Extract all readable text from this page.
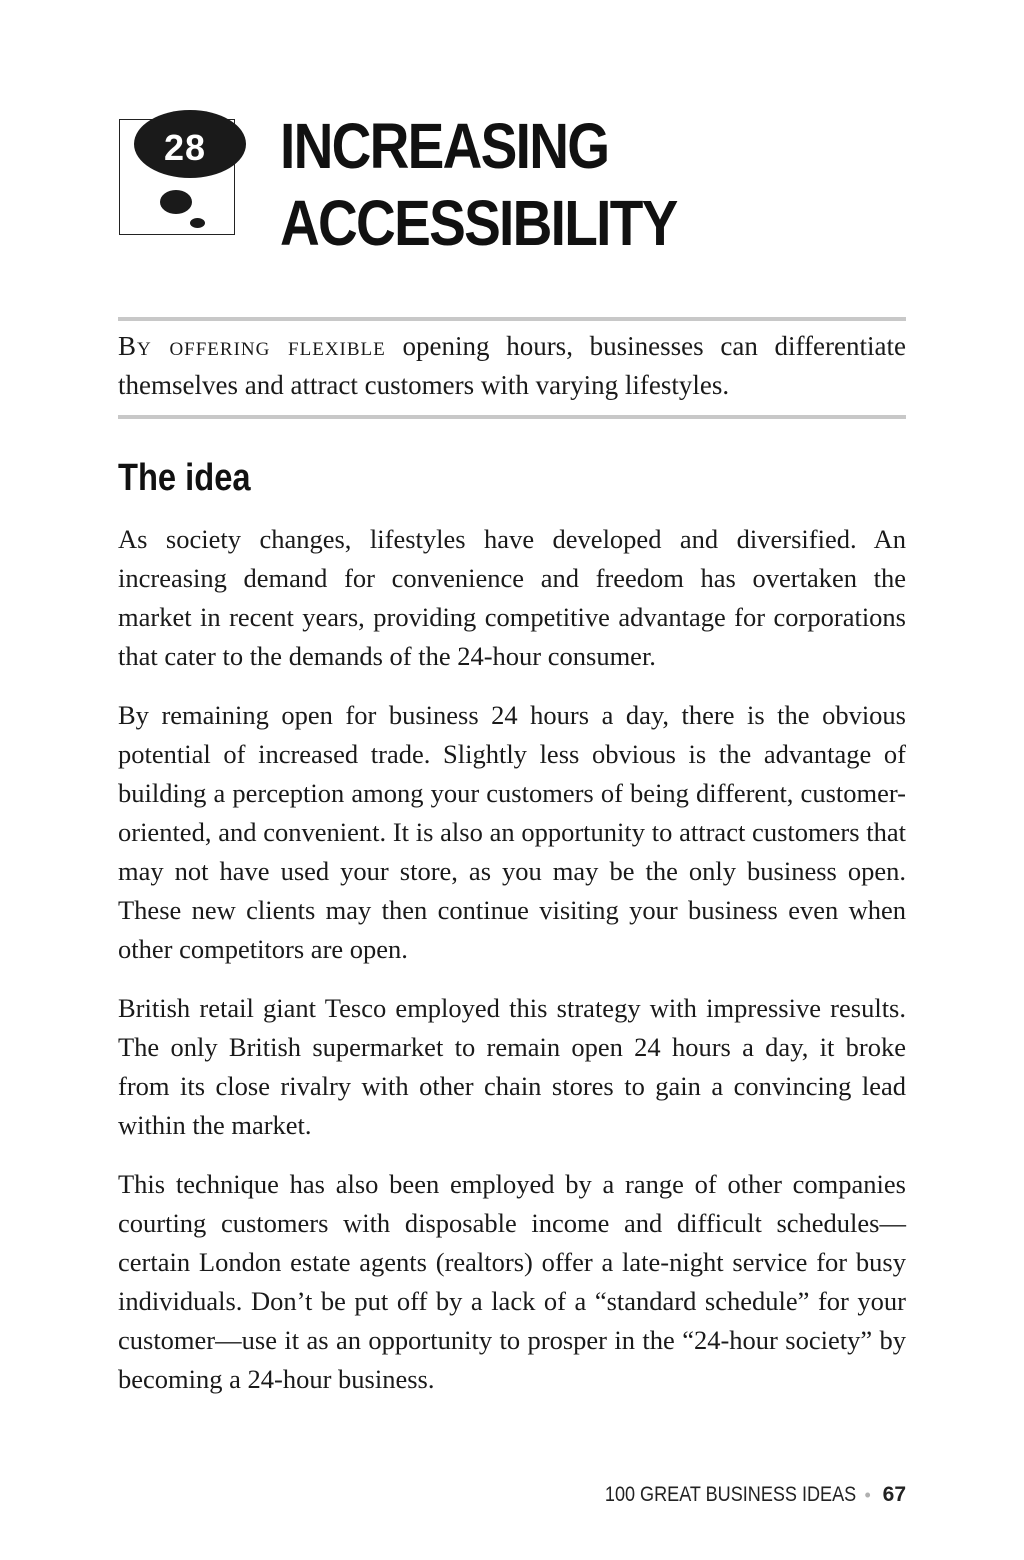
28 INCREASING
ACCESSIBILITY

By offering flexible opening hours, businesses can differentiate themselves and attract customers with varying lifestyles.

The idea

As society changes, lifestyles have developed and diversified. An increasing demand for convenience and freedom has overtaken the market in recent years, providing competitive advantage for corporations that cater to the demands of the 24-hour consumer.

By remaining open for business 24 hours a day, there is the obvious potential of increased trade. Slightly less obvious is the advantage of building a perception among your customers of being different, customer-oriented, and convenient. It is also an opportunity to attract customers that may not have used your store, as you may be the only business open. These new clients may then continue visiting your business even when other competitors are open.

British retail giant Tesco employed this strategy with impressive results. The only British supermarket to remain open 24 hours a day, it broke from its close rivalry with other chain stores to gain a convincing lead within the market.

This technique has also been employed by a range of other companies courting customers with disposable income and difficult schedules—certain London estate agents (realtors) offer a late-night service for busy individuals. Don’t be put off by a lack of a “standard schedule” for your customer—use it as an opportunity to prosper in the “24-hour society” by becoming a 24-hour business.

100 GREAT BUSINESS IDEAS • 67
